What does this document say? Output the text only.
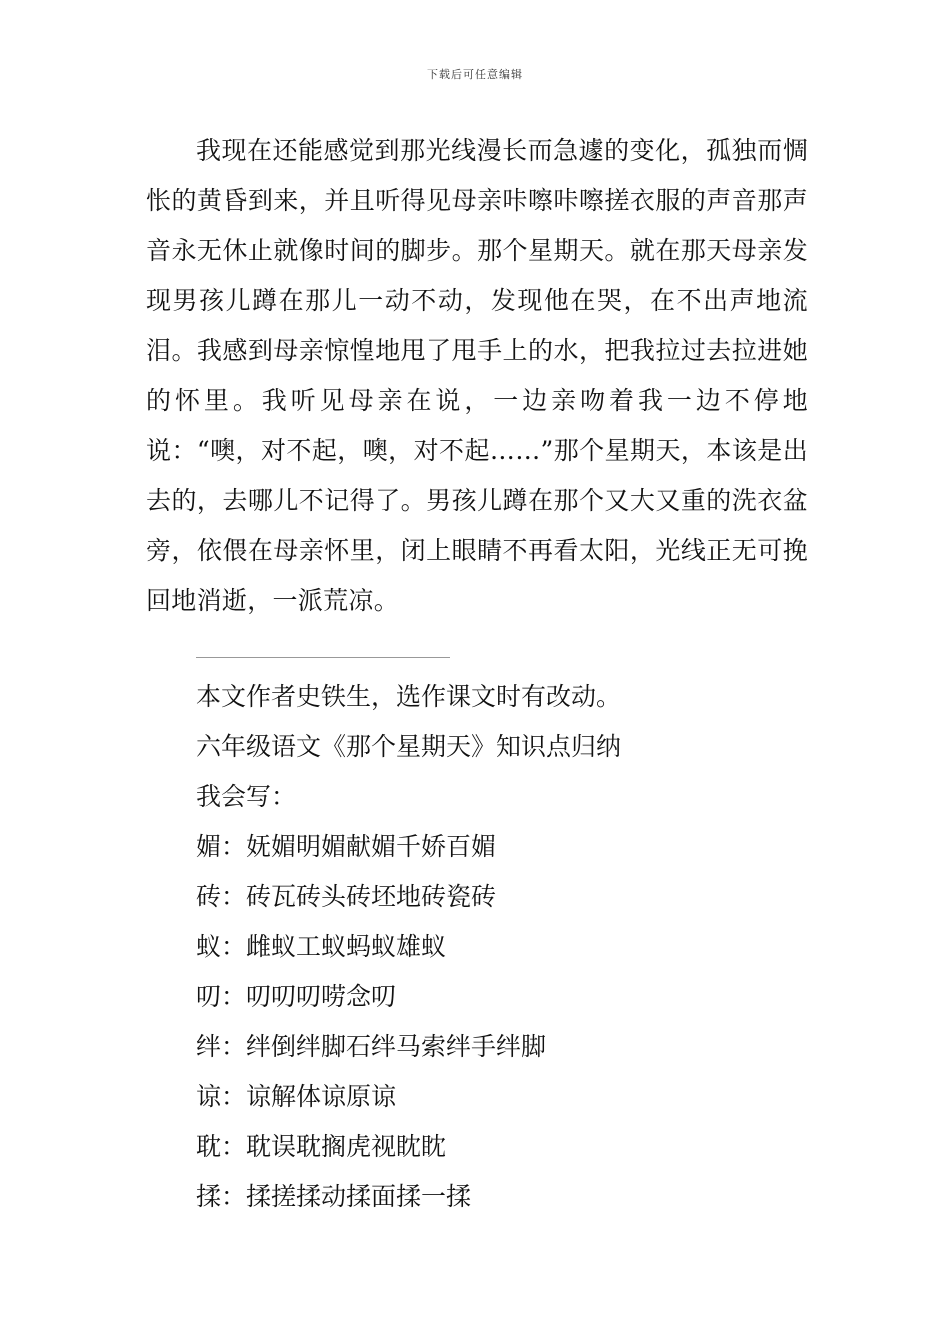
下载后可任意编辑

我现在还能感觉到那光线漫长而急遽的变化，孤独而惆怅的黄昏到来，并且听得见母亲咔嚓咔嚓搓衣服的声音那声音永无休止就像时间的脚步。那个星期天。就在那天母亲发现男孩儿蹲在那儿一动不动，发现他在哭，在不出声地流泪。我感到母亲惊惶地甩了甩手上的水，把我拉过去拉进她的怀里。我听见母亲在说，一边亲吻着我一边不停地说：“噢，对不起，噢，对不起……”那个星期天，本该是出去的，去哪儿不记得了。男孩儿蹲在那个又大又重的洗衣盆旁，依偎在母亲怀里，闭上眼睛不再看太阳，光线正无可挽回地消逝，一派荒凉。

本文作者史铁生，选作课文时有改动。
六年级语文《那个星期天》知识点归纳
我会写：
媚：妩媚明媚献媚千娇百媚
砖：砖瓦砖头砖坯地砖瓷砖
蚁：雌蚁工蚁蚂蚁雄蚁
叨：叨叨叨唠念叨
绊：绊倒绊脚石绊马索绊手绊脚
谅：谅解体谅原谅
耽：耽误耽搁虎视眈眈
揉：揉搓揉动揉面揉一揉
